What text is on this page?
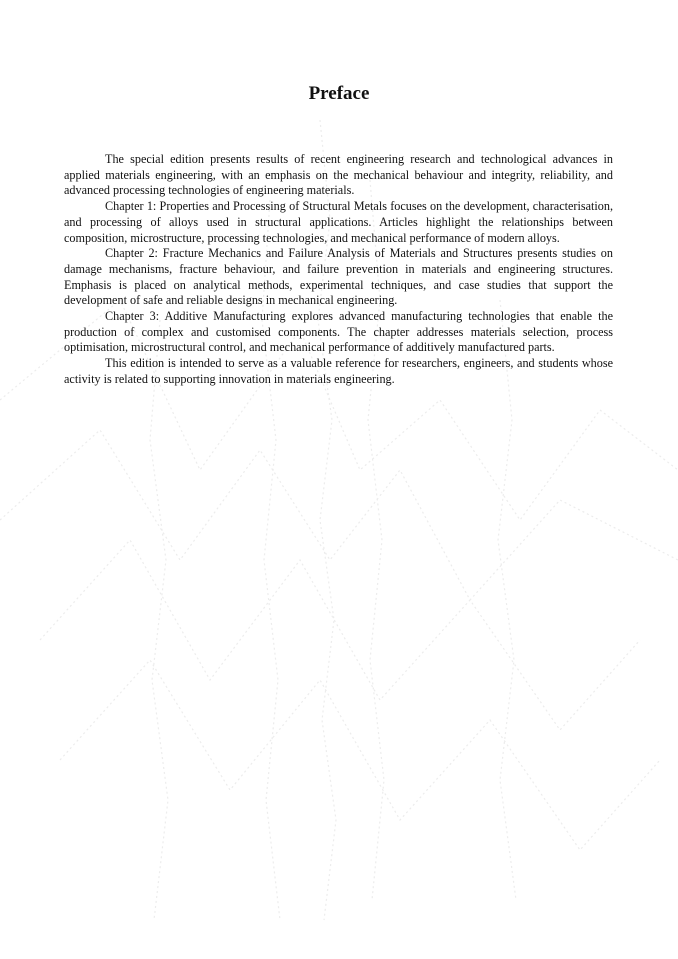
Preface

The special edition presents results of recent engineering research and technological advances in applied materials engineering, with an emphasis on the mechanical behaviour and integrity, reliability, and advanced processing technologies of engineering materials.

Chapter 1: Properties and Processing of Structural Metals focuses on the development, characterisation, and processing of alloys used in structural applications. Articles highlight the relationships between composition, microstructure, processing technologies, and mechanical performance of modern alloys.

Chapter 2: Fracture Mechanics and Failure Analysis of Materials and Structures presents studies on damage mechanisms, fracture behaviour, and failure prevention in materials and engineering structures. Emphasis is placed on analytical methods, experimental techniques, and case studies that support the development of safe and reliable designs in mechanical engineering.

Chapter 3: Additive Manufacturing explores advanced manufacturing technologies that enable the production of complex and customised components. The chapter addresses materials selection, process optimisation, microstructural control, and mechanical performance of additively manufactured parts.

This edition is intended to serve as a valuable reference for researchers, engineers, and students whose activity is related to supporting innovation in materials engineering.
